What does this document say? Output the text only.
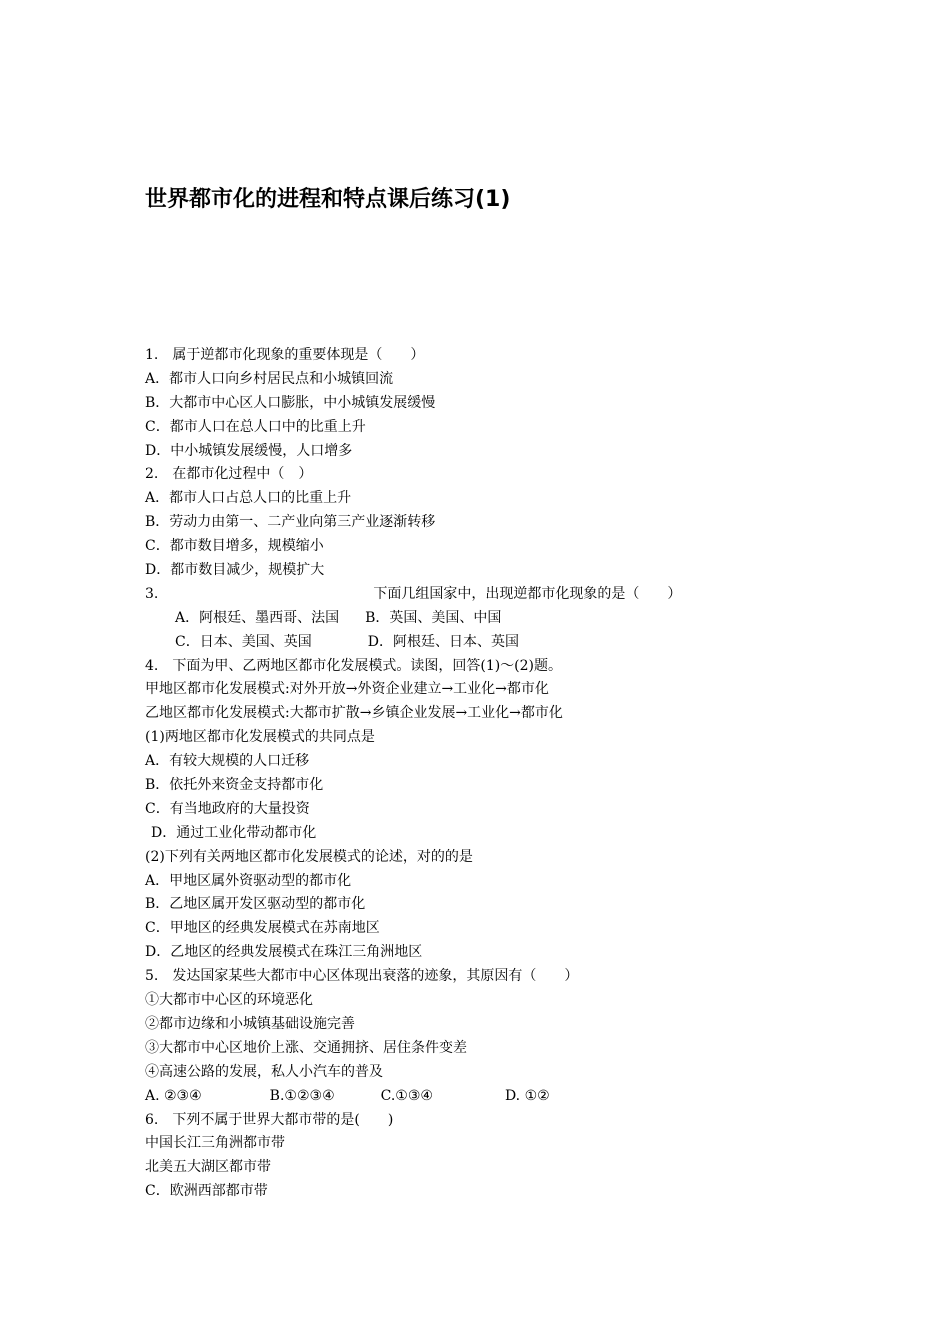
世界都市化的进程和特点课后练习(1)
1.　属于逆都市化现象的重要体现是（　　）
A．都市人口向乡村居民点和小城镇回流
B．大都市中心区人口膨胀，中小城镇发展缓慢
C．都市人口在总人口中的比重上升
D．中小城镇发展缓慢，人口增多
2.　在都市化过程中（　）
A．都市人口占总人口的比重上升
B．劳动力由第一、二产业向第三产业逐渐转移
C．都市数目增多，规模缩小
D．都市数目减少，规模扩大
3.	下面几组国家中，出现逆都市化现象的是（　　）
A．阿根廷、墨西哥、法国 B．英国、美国、中国
C．日本、美国、英国	D．阿根廷、日本、英国
4.　下面为甲、乙两地区都市化发展模式。读图，回答(1)～(2)题。
甲地区都市化发展模式:对外开放→外资企业建立→工业化→都市化
乙地区都市化发展模式:大都市扩散→乡镇企业发展→工业化→都市化
(1)两地区都市化发展模式的共同点是
A．有较大规模的人口迁移
B．依托外来资金支持都市化
C．有当地政府的大量投资
D．通过工业化带动都市化
(2)下列有关两地区都市化发展模式的论述，对的的是
A．甲地区属外资驱动型的都市化
B．乙地区属开发区驱动型的都市化
C．甲地区的经典发展模式在苏南地区
D．乙地区的经典发展模式在珠江三角洲地区
5.　发达国家某些大都市中心区体现出衰落的迹象，其原因有（　　）
①大都市中心区的环境恶化
②都市边缘和小城镇基础设施完善
③大都市中心区地价上涨、交通拥挤、居住条件变差
④高速公路的发展，私人小汽车的普及
A. ②③④	B.①②③④	C.①③④	D. ①②
6.　下列不属于世界大都市带的是(　　)
中国长江三角洲都市带
北美五大湖区都市带
C．欧洲西部都市带
